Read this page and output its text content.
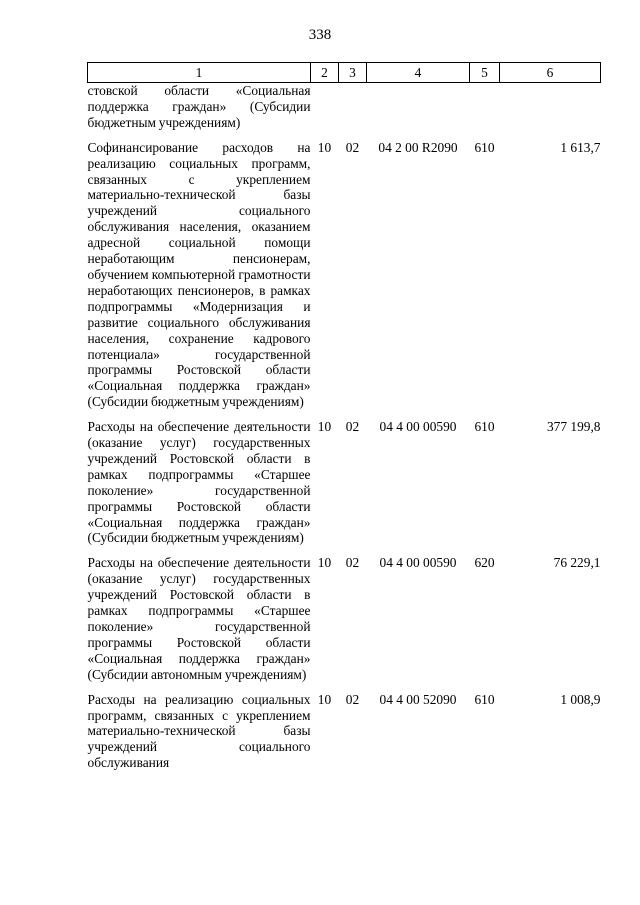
338
1	2	3	4	5	6
стовской области «Социальная поддержка граждан» (Субсидии бюджетным учреждениям)					
Софинансирование расходов на реализацию социальных программ, связанных с укреплением материально-технической базы учреждений социального обслуживания населения, оказанием адресной социальной помощи неработающим пенсионерам, обучением компьютерной грамотности неработающих пенсионеров, в рамках подпрограммы «Модернизация и развитие социального обслуживания населения, сохранение кадрового потенциала» государственной программы Ростовской области «Социальная поддержка граждан» (Субсидии бюджетным учреждениям)	10	02	04 2 00 R2090	610	1 613,7
Расходы на обеспечение деятельности (оказание услуг) государственных учреждений Ростовской области в рамках подпрограммы «Старшее поколение» государственной программы Ростовской области «Социальная поддержка граждан» (Субсидии бюджетным учреждениям)	10	02	04 4 00 00590	610	377 199,8
Расходы на обеспечение деятельности (оказание услуг) государственных учреждений Ростовской области в рамках подпрограммы «Старшее поколение» государственной программы Ростовской области «Социальная поддержка граждан» (Субсидии автономным учреждениям)	10	02	04 4 00 00590	620	76 229,1
Расходы на реализацию социальных программ, связанных с укреплением материально-технической базы учреждений социального обслуживания	10	02	04 4 00 52090	610	1 008,9
